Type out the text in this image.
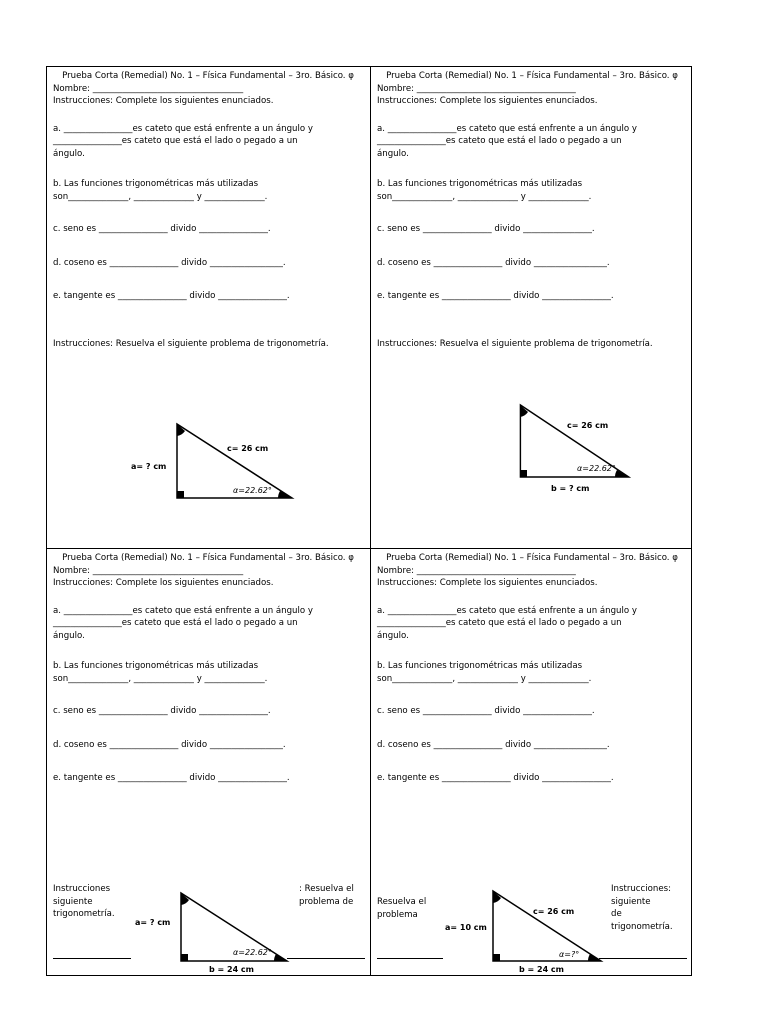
Prueba Corta (Remedial) No. 1 – Física Fundamental – 3ro. Básico. φ

Nombre: ___________________________________

Instrucciones: Complete los siguientes enunciados.

a. ________________es cateto que está enfrente a un ángulo y

________________es cateto que está el lado o pegado a un

ángulo.

b. Las funciones trigonométricas más utilizadas

son______________, ______________ y ______________.

c. seno es ________________ divido ________________.

d. coseno es ________________ divido _________________.

e. tangente es ________________ divido ________________.

Instrucciones: Resuelva el siguiente problema de trigonometría.

a= ? cm
c= 26 cm
α=22.62°

Prueba Corta (Remedial) No. 1 – Física Fundamental – 3ro. Básico. φ

Nombre: _____________________________________

Instrucciones: Complete los siguientes enunciados.

a. ________________es cateto que está enfrente a un ángulo y

________________es cateto que está el lado o pegado a un

ángulo.

b. Las funciones trigonométricas más utilizadas

son______________, ______________ y ______________.

c. seno es ________________ divido ________________.

d. coseno es ________________ divido _________________.

e. tangente es ________________ divido ________________.

Instrucciones: Resuelva el siguiente problema de trigonometría.

c= 26 cm
α=22.62°
b = ? cm

Prueba Corta (Remedial) No. 1 – Física Fundamental – 3ro. Básico. φ

Nombre: ___________________________________

Instrucciones: Complete los siguientes enunciados.

a. ________________es cateto que está enfrente a un ángulo y

________________es cateto que está el lado o pegado a un

ángulo.

b. Las funciones trigonométricas más utilizadas

son______________, ______________ y ______________.

c. seno es ________________ divido ________________.

d. coseno es ________________ divido _________________.

e. tangente es ________________ divido ________________.

Instrucciones
siguiente
trigonometría.
: Resuelva el
problema de
a= ? cm
α=22.62°
b = 24 cm

Prueba Corta (Remedial) No. 1 – Física Fundamental – 3ro. Básico. φ

Nombre: _____________________________________

Instrucciones: Complete los siguientes enunciados.

a. ________________es cateto que está enfrente a un ángulo y

________________es cateto que está el lado o pegado a un

ángulo.

b. Las funciones trigonométricas más utilizadas

son______________, ______________ y ______________.

c. seno es ________________ divido ________________.

d. coseno es ________________ divido _________________.

e. tangente es ________________ divido ________________.

Resuelva el
problema
Instrucciones:
siguiente
de
trigonometría.
a= 10 cm
c= 26 cm
α=?°
b = 24 cm
